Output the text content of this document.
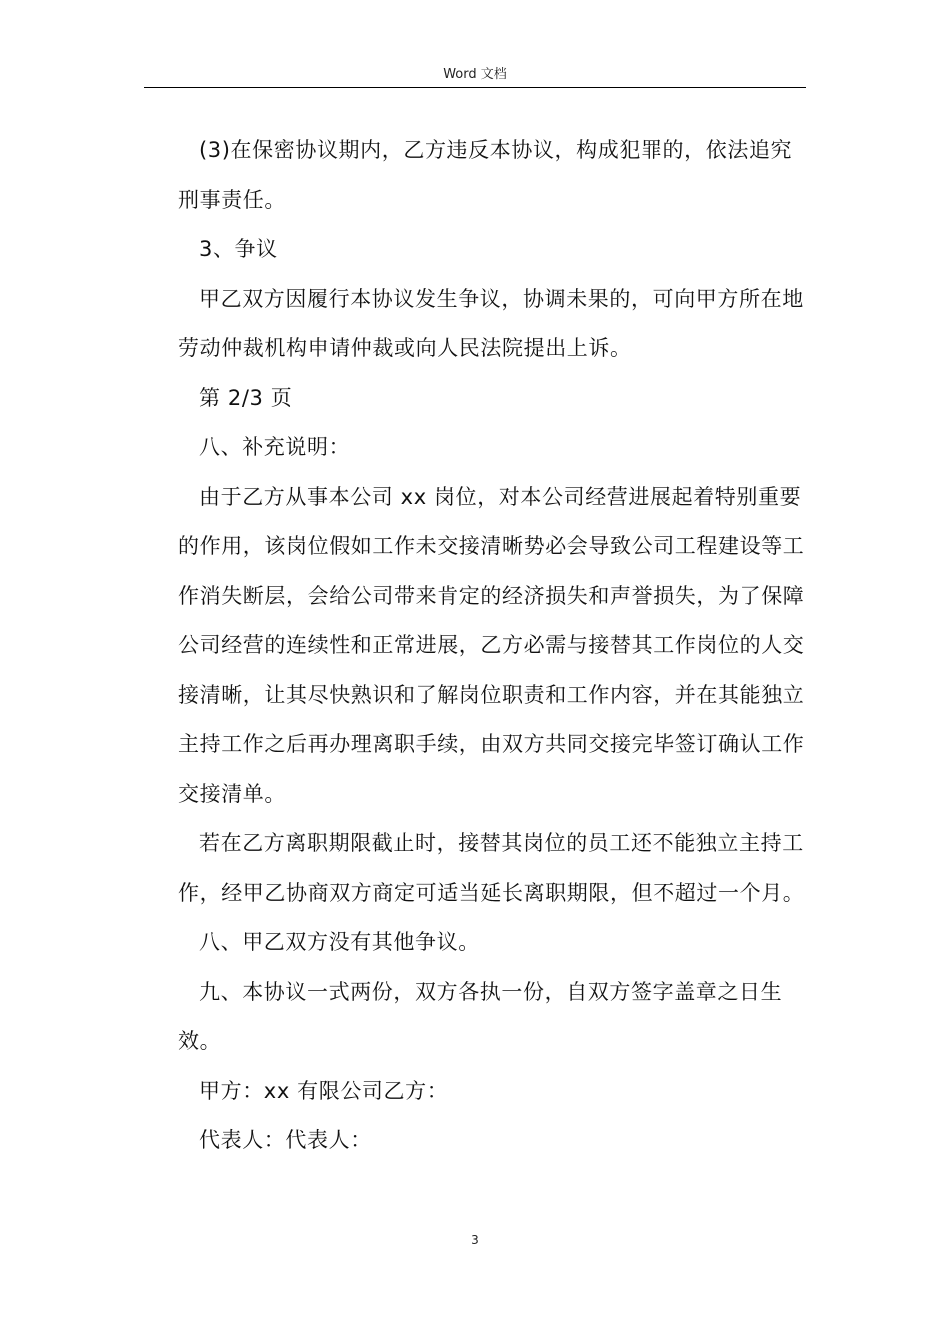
Word 文档

(3)在保密协议期内，乙方违反本协议，构成犯罪的，依法追究刑事责任。

3、争议

甲乙双方因履行本协议发生争议，协调未果的，可向甲方所在地劳动仲裁机构申请仲裁或向人民法院提出上诉。

第 2/3 页

八、补充说明：

由于乙方从事本公司 xx 岗位，对本公司经营进展起着特别重要的作用，该岗位假如工作未交接清晰势必会导致公司工程建设等工作消失断层，会给公司带来肯定的经济损失和声誉损失，为了保障公司经营的连续性和正常进展，乙方必需与接替其工作岗位的人交接清晰，让其尽快熟识和了解岗位职责和工作内容，并在其能独立主持工作之后再办理离职手续，由双方共同交接完毕签订确认工作交接清单。

若在乙方离职期限截止时，接替其岗位的员工还不能独立主持工作，经甲乙协商双方商定可适当延长离职期限，但不超过一个月。

八、甲乙双方没有其他争议。

九、本协议一式两份，双方各执一份，自双方签字盖章之日生效。

甲方：xx 有限公司乙方：

代表人：代表人：

3
